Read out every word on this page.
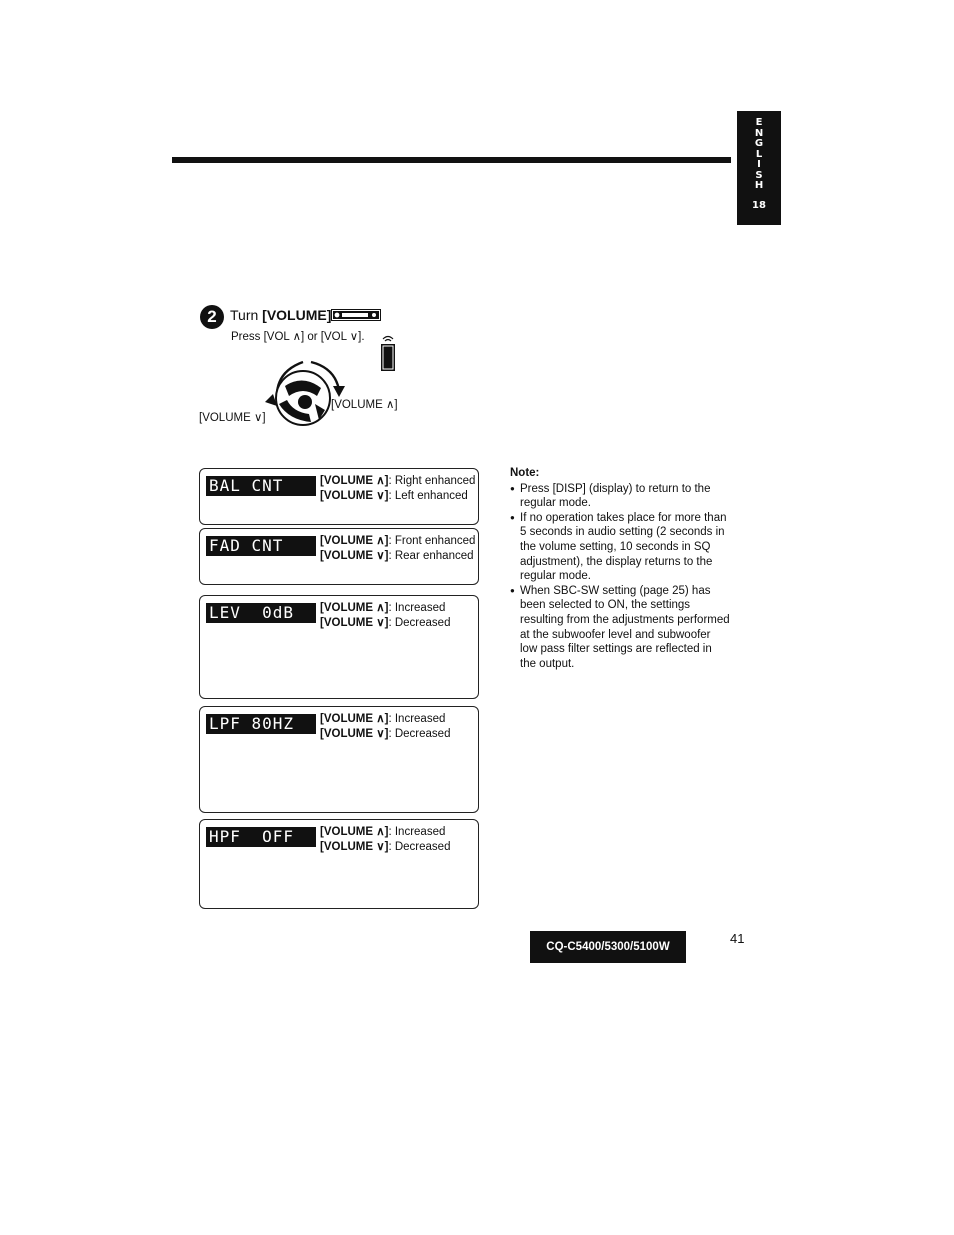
E
N
G
L
I
S
H
18
2 Turn [VOLUME]
Press [VOL ∧] or [VOL ∨].
[VOLUME ∧]
[VOLUME ∨]
BAL CNT	[VOLUME ∧]: Right enhanced
[VOLUME ∨]: Left enhanced
FAD CNT	[VOLUME ∧]: Front enhanced
[VOLUME ∨]: Rear enhanced
LEV  0dB	[VOLUME ∧]: Increased
[VOLUME ∨]: Decreased
LPF 80HZ	[VOLUME ∧]: Increased
[VOLUME ∨]: Decreased
HPF  OFF	[VOLUME ∧]: Increased
[VOLUME ∨]: Decreased
Note:
● Press [DISP] (display) to return to the regular mode.
● If no operation takes place for more than 5 seconds in audio setting (2 seconds in the volume setting, 10 seconds in SQ adjustment), the display returns to the regular mode.
● When SBC-SW setting (page 25) has been selected to ON, the settings resulting from the adjustments performed at the subwoofer level and subwoofer low pass filter settings are reflected in the output.
CQ-C5400/5300/5100W
41
